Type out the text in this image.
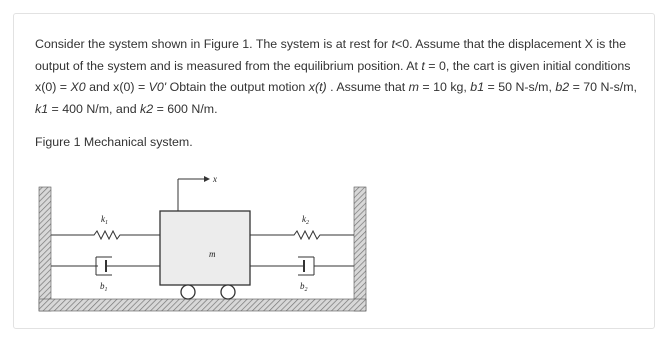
Consider the system shown in Figure 1. The system is at rest for t<0. Assume that the displacement X is the output of the system and is measured from the equilibrium position. At t = 0, the cart is given initial conditions x(0) = X0 and x(0) = V0' Obtain the output motion x(t) . Assume that m = 10 kg, b1 = 50 N-s/m, b2 = 70 N-s/m, k1 = 400 N/m, and k2 = 600 N/m.

Figure 1 Mechanical system.
m
x
$k_1$
$b_1$
$k_2$
$b_2$
